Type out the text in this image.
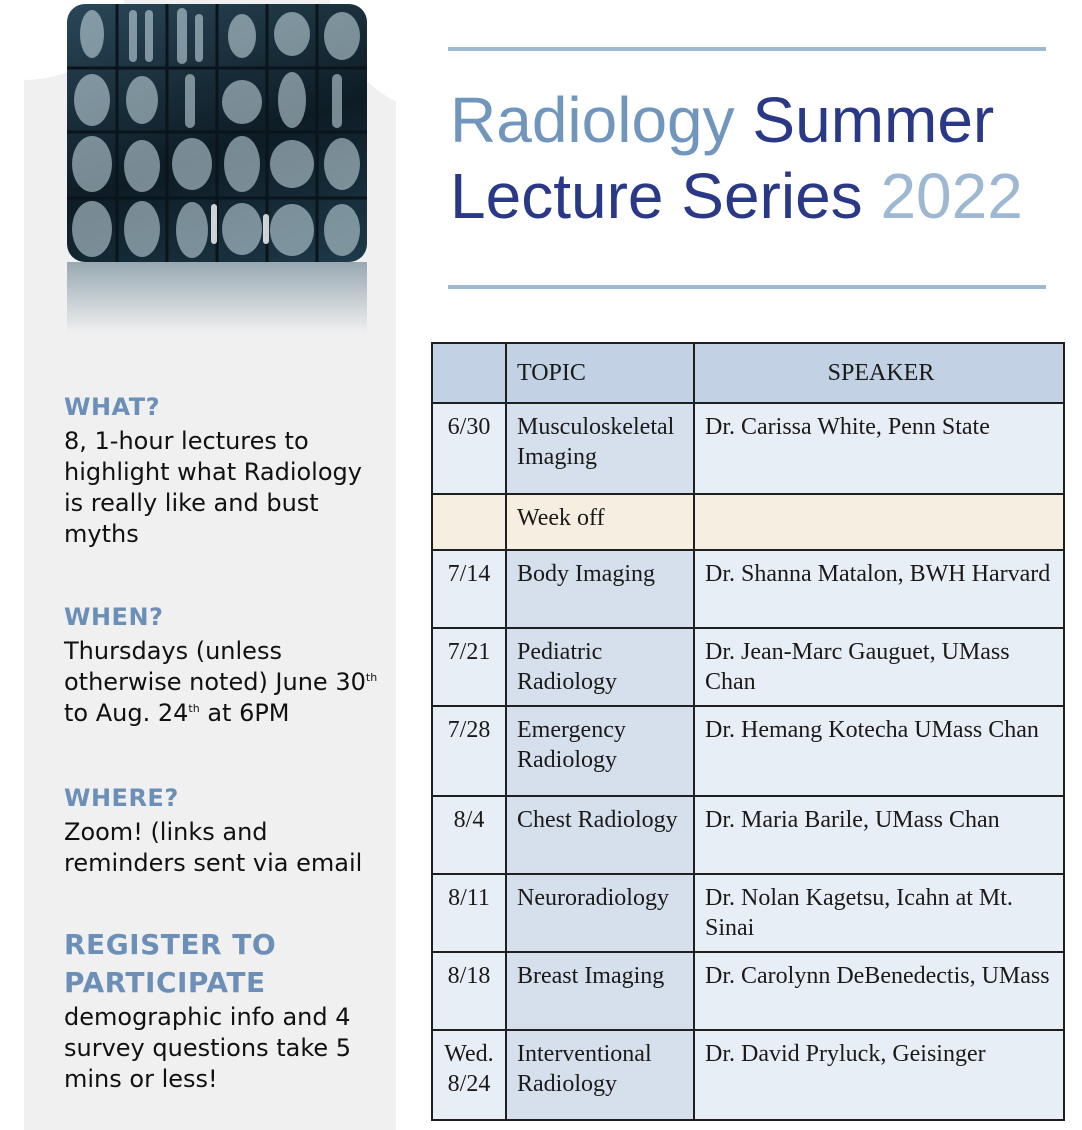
WHAT?

8, 1-hour lectures to highlight what Radiology is really like and bust myths

WHEN?

Thursdays (unless otherwise noted) June 30th to Aug. 24th at 6PM

WHERE?

Zoom! (links and reminders sent via email

REGISTER TO PARTICIPATE

demographic info and 4 survey questions take 5 mins or less!

Radiology Summer
Lecture Series 2022
	TOPIC	SPEAKER
6/30	Musculoskeletal Imaging	Dr. Carissa White, Penn State
	Week off	
7/14	Body Imaging	Dr. Shanna Matalon, BWH Harvard
7/21	Pediatric Radiology	Dr. Jean-Marc Gauguet, UMass Chan
7/28	Emergency Radiology	Dr. Hemang Kotecha UMass Chan
8/4	Chest Radiology	Dr. Maria Barile, UMass Chan
8/11	Neuroradiology	Dr. Nolan Kagetsu, Icahn at Mt. Sinai
8/18	Breast Imaging	Dr. Carolynn DeBenedectis, UMass
Wed. 8/24	Interventional Radiology	Dr. David Pryluck, Geisinger
